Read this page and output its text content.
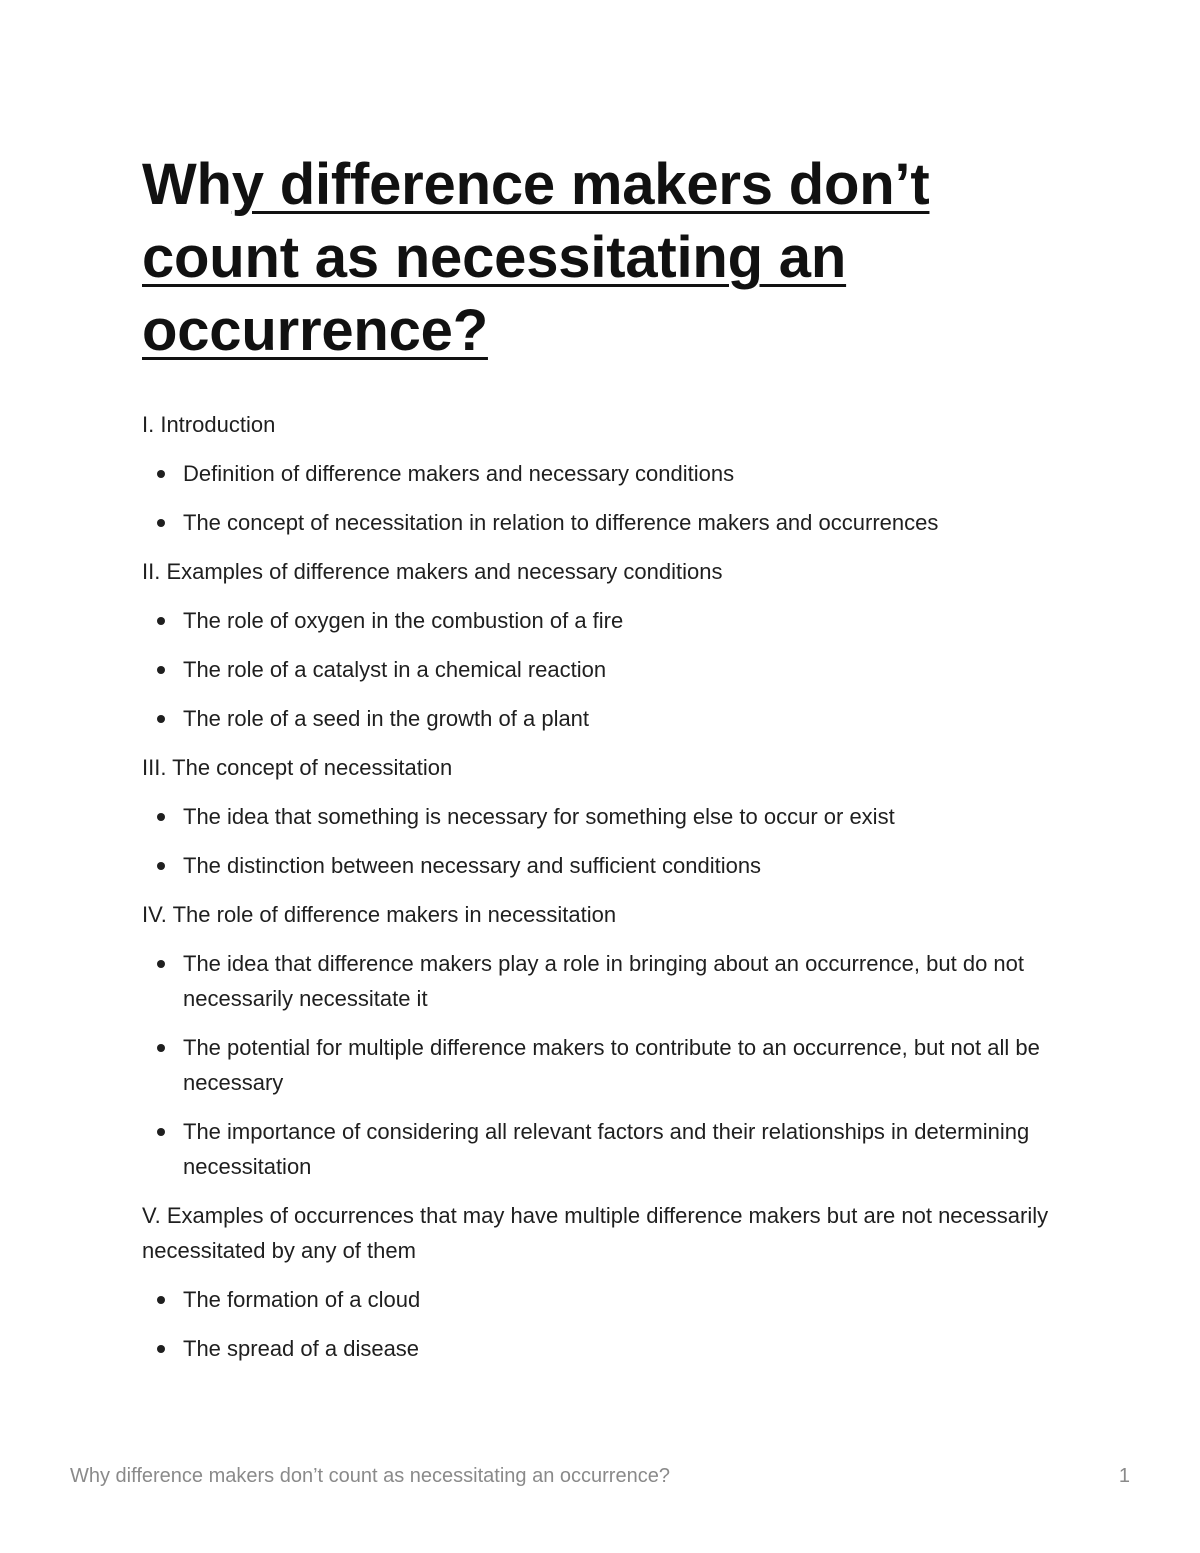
Why difference makers don’t count as necessitating an occurrence?

I. Introduction

Definition of difference makers and necessary conditions
The concept of necessitation in relation to difference makers and occurrences

II. Examples of difference makers and necessary conditions

The role of oxygen in the combustion of a fire
The role of a catalyst in a chemical reaction
The role of a seed in the growth of a plant

III. The concept of necessitation

The idea that something is necessary for something else to occur or exist
The distinction between necessary and sufficient conditions

IV. The role of difference makers in necessitation

The idea that difference makers play a role in bringing about an occurrence, but do not necessarily necessitate it
The potential for multiple difference makers to contribute to an occurrence, but not all be necessary
The importance of considering all relevant factors and their relationships in determining necessitation

V. Examples of occurrences that may have multiple difference makers but are not necessarily necessitated by any of them

The formation of a cloud
The spread of a disease
Why difference makers don’t count as necessitating an occurrence?	1
